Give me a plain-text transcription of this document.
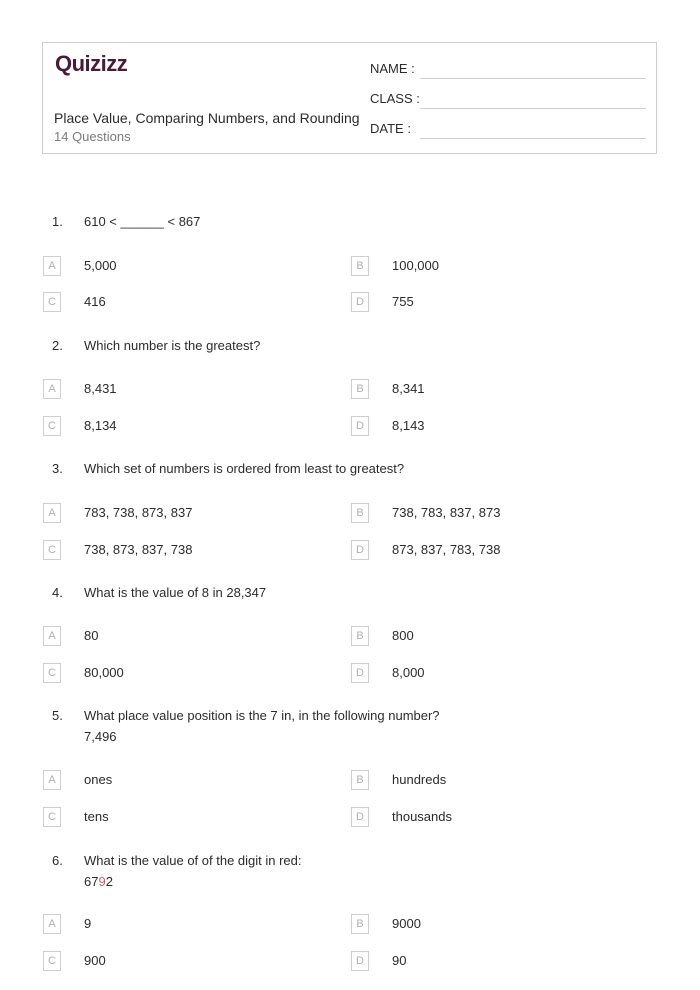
Quizizz
Place Value, Comparing Numbers, and Rounding
14 Questions
NAME :
CLASS :
DATE :
1. 610 < ______ < 867
A	5,000	B	100,000
C	416	D	755
2. Which number is the greatest?
A	8,431	B	8,341
C	8,134	D	8,143
3. Which set of numbers is ordered from least to greatest?
A	783, 738, 873, 837	B	738, 783, 837, 873
C	738, 873, 837, 738	D	873, 837, 783, 738
4. What is the value of 8 in 28,347
A	80	B	800
C	80,000	D	8,000
5. What place value position is the 7 in, in the following number?
7,496
A	ones	B	hundreds
C	tens	D	thousands
6. What is the value of of the digit in red:
6792
A	9	B	9000
C	900	D	90
